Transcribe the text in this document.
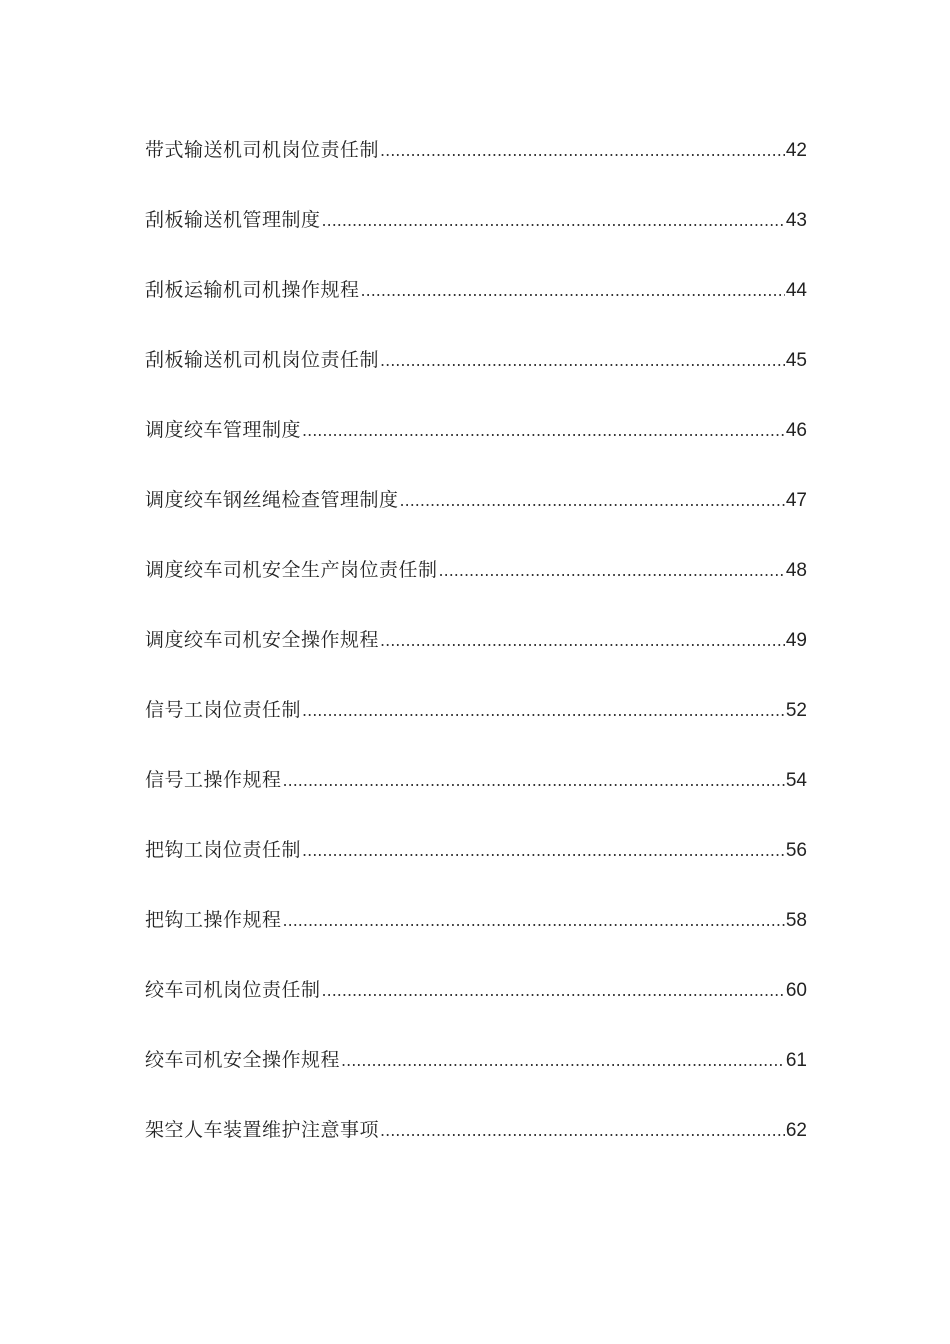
带式输送机司机岗位责任制 .....	42
刮板输送机管理制度 .....	43
刮板运输机司机操作规程 .....	44
刮板输送机司机岗位责任制 .....	45
调度绞车管理制度 .....	46
调度绞车钢丝绳检查管理制度 .....	47
调度绞车司机安全生产岗位责任制 .....	48
调度绞车司机安全操作规程 .....	49
信号工岗位责任制 .....	52
信号工操作规程 .....	54
把钩工岗位责任制 .....	56
把钩工操作规程 .....	58
绞车司机岗位责任制 .....	60
绞车司机安全操作规程 .....	61
架空人车装置维护注意事项 .....	62
